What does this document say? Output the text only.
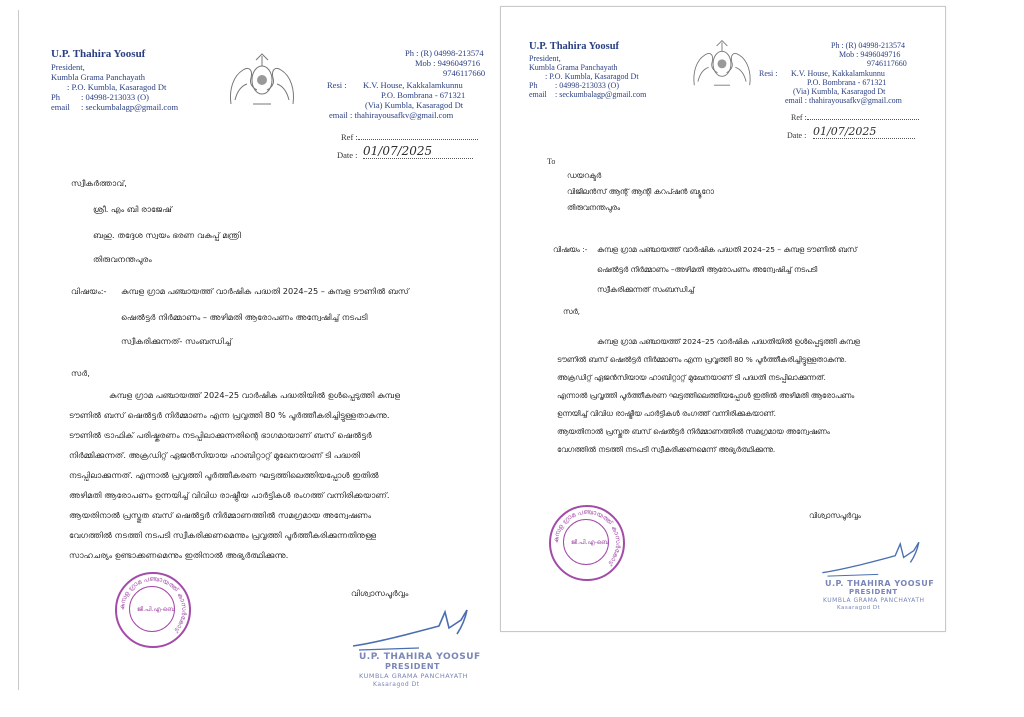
U.P. Thahira Yoosuf
President,
Kumbla Grama Panchayath
: P.O. Kumbla, Kasaragod Dt
Ph : 04998-213033 (O)
email : seckumbalagp@gmail.com
Ph : (R) 04998-213574
Mob : 9496049716
9746117660
Resi : K.V. House, Kakkalamkunnu
P.O. Bombrana - 671321
(Via) Kumbla, Kasaragod Dt
email : thahirayousafkv@gmail.com
Ref :
Date : 01/07/2025
സ്വീകർത്താവ്,
ശ്രീ. എം ബി രാജേഷ്
ബഹു. തദ്ദേശ സ്വയം ഭരണ വകുപ്പ് മന്ത്രി
തിരുവനന്തപുരം
വിഷയം:- കുമ്പള ഗ്രാമ പഞ്ചായത്ത് വാർഷിക പദ്ധതി 2024–25 – കുമ്പള ടൗണിൽ ബസ്
ഷെൽട്ടർ നിർമ്മാണം – അഴിമതി ആരോപണം അന്വേഷിച്ച് നടപടി
സ്വീകരിക്കുന്നത്- സംബന്ധിച്ച്
സർ,
കുമ്പള ഗ്രാമ പഞ്ചായത്ത് 2024–25 വാർഷിക പദ്ധതിയിൽ ഉൾപ്പെടുത്തി കുമ്പള
ടൗണിൽ ബസ് ഷെൽട്ടർ നിർമ്മാണം എന്ന പ്രവൃത്തി 80 % പൂർത്തീകരിച്ചിട്ടുള്ളതാകുന്നു.
ടൗണിൽ ട്രാഫിക് പരിഷ്കരണം നടപ്പിലാക്കുന്നതിന്റെ ഭാഗമായാണ് ബസ് ഷെൽട്ടർ
നിർമ്മിക്കുന്നത്. അക്രഡിറ്റ് ഏജൻസിയായ ഹാബിറ്റാറ്റ് മുഖേനയാണ് ടി പദ്ധതി
നടപ്പിലാക്കുന്നത്. എന്നാൽ പ്രവൃത്തി പൂർത്തീകരണ ഘട്ടത്തിലെത്തിയപ്പോൾ ഇതിൽ
അഴിമതി ആരോപണം ഉന്നയിച്ച് വിവിധ രാഷ്ട്രീയ പാർട്ടികൾ രംഗത്ത് വന്നിരിക്കയാണ്.
ആയതിനാൽ പ്രസ്തുത ബസ് ഷെൽട്ടർ നിർമ്മാണത്തിൽ സമഗ്രമായ അന്വേഷണം
വേഗത്തിൽ നടത്തി നടപടി സ്വീകരിക്കണമെന്നും പ്രവൃത്തി പൂർത്തീകരിക്കുന്നതിനുള്ള
സാഹചര്യം ഉണ്ടാക്കണമെന്നും ഇതിനാൽ അഭ്യർത്ഥിക്കുന്നു.
വിശ്വാസപൂർവ്വം
കുമ്പള ഗ്രാമ പഞ്ചായത്ത് കാസർകോട്
ജി.പി.എ-ബെ
U.P. THAHIRA YOOSUF
PRESIDENT
KUMBLA GRAMA PANCHAYATH
Kasaragod Dt
U.P. Thahira Yoosuf
President,
Kumbla Grama Panchayath
: P.O. Kumbla, Kasaragod Dt
Ph : 04998-213033 (O)
email : seckumbalagp@gmail.com
Ph : (R) 04998-213574
Mob : 9496049716
9746117660
Resi : K.V. House, Kakkalamkunnu
P.O. Bombrana - 671321
(Via) Kumbla, Kasaragod Dt
email : thahirayousafkv@gmail.com
Ref :
Date : 01/07/2025
To
ഡയറക്ടർ
വിജിലൻസ് ആന്റ് ആന്റി കറപ്ഷൻ ബ്യൂറോ
തിരുവനന്തപുരം
വിഷയം :- കുമ്പള ഗ്രാമ പഞ്ചായത്ത് വാർഷിക പദ്ധതി 2024–25 – കുമ്പള ടൗണിൽ ബസ്
ഷെൽട്ടർ നിർമ്മാണം –അഴിമതി ആരോപണം അന്വേഷിച്ച് നടപടി
സ്വീകരിക്കുന്നത് സംബന്ധിച്ച്
സർ,
കുമ്പള ഗ്രാമ പഞ്ചായത്ത് 2024–25 വാർഷിക പദ്ധതിയിൽ ഉൾപ്പെടുത്തി കുമ്പള
ടൗണിൽ ബസ് ഷെൽട്ടർ നിർമ്മാണം എന്ന പ്രവൃത്തി 80 % പൂർത്തീകരിച്ചിട്ടുള്ളതാകുന്നു.
അക്രഡിറ്റ് ഏജൻസിയായ ഹാബിറ്റാറ്റ് മുഖേനയാണ് ടി പദ്ധതി നടപ്പിലാക്കുന്നത്.
എന്നാൽ പ്രവൃത്തി പൂർത്തീകരണ ഘട്ടത്തിലെത്തിയപ്പോൾ ഇതിൽ അഴിമതി ആരോപണം
ഉന്നയിച്ച് വിവിധ രാഷ്ട്രീയ പാർട്ടികൾ രംഗത്ത് വന്നിരിക്കുകയാണ്.
ആയതിനാൽ പ്രസ്തുത ബസ് ഷെൽട്ടർ നിർമ്മാണത്തിൽ സമഗ്രമായ അന്വേഷണം
വേഗത്തിൽ നടത്തി നടപടി സ്വീകരിക്കണമെന്ന് അഭ്യർത്ഥിക്കുന്നു.
വിശ്വാസപൂർവ്വം
കുമ്പള ഗ്രാമ പഞ്ചായത്ത് കാസർകോട്
ജി.പി.എ-ബെ
U.P. THAHIRA YOOSUF
PRESIDENT
KUMBLA GRAMA PANCHAYATH
Kasaragod Dt
